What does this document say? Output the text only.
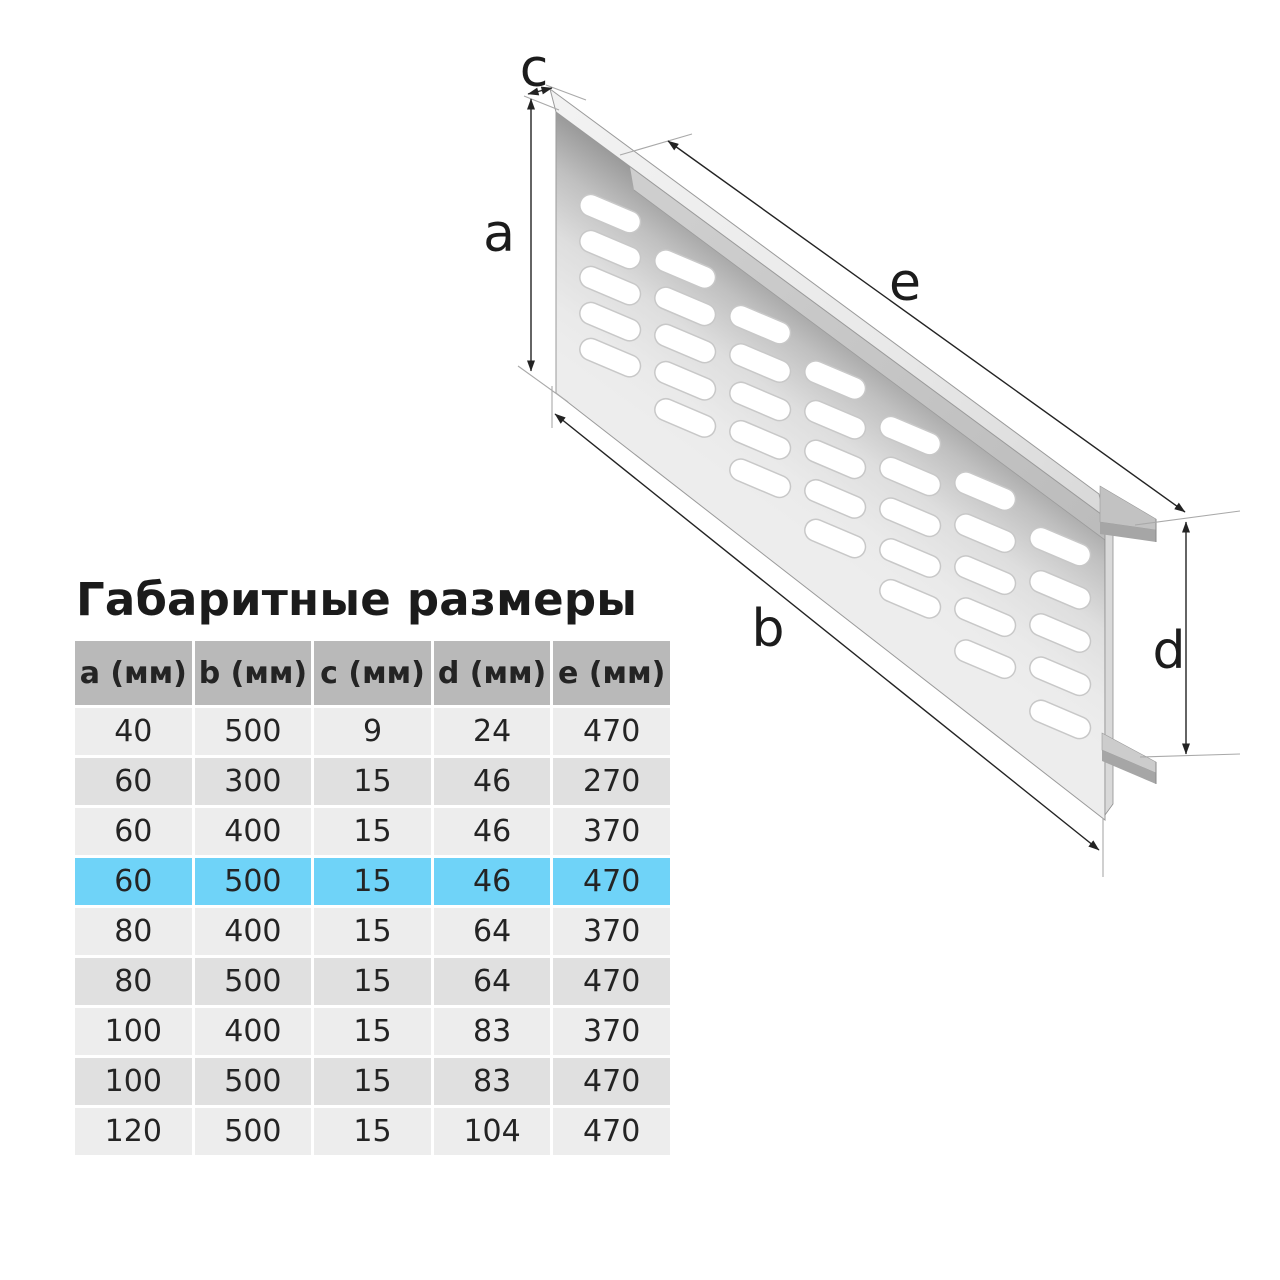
a
c
e
b	d
Габаритные размеры
a (мм)	b (мм)	c (мм)	d (мм)	e (мм)
40	500	9	24	470
60	300	15	46	270
60	400	15	46	370
60	500	15	46	470
80	400	15	64	370
80	500	15	64	470
100	400	15	83	370
100	500	15	83	470
120	500	15	104	470
